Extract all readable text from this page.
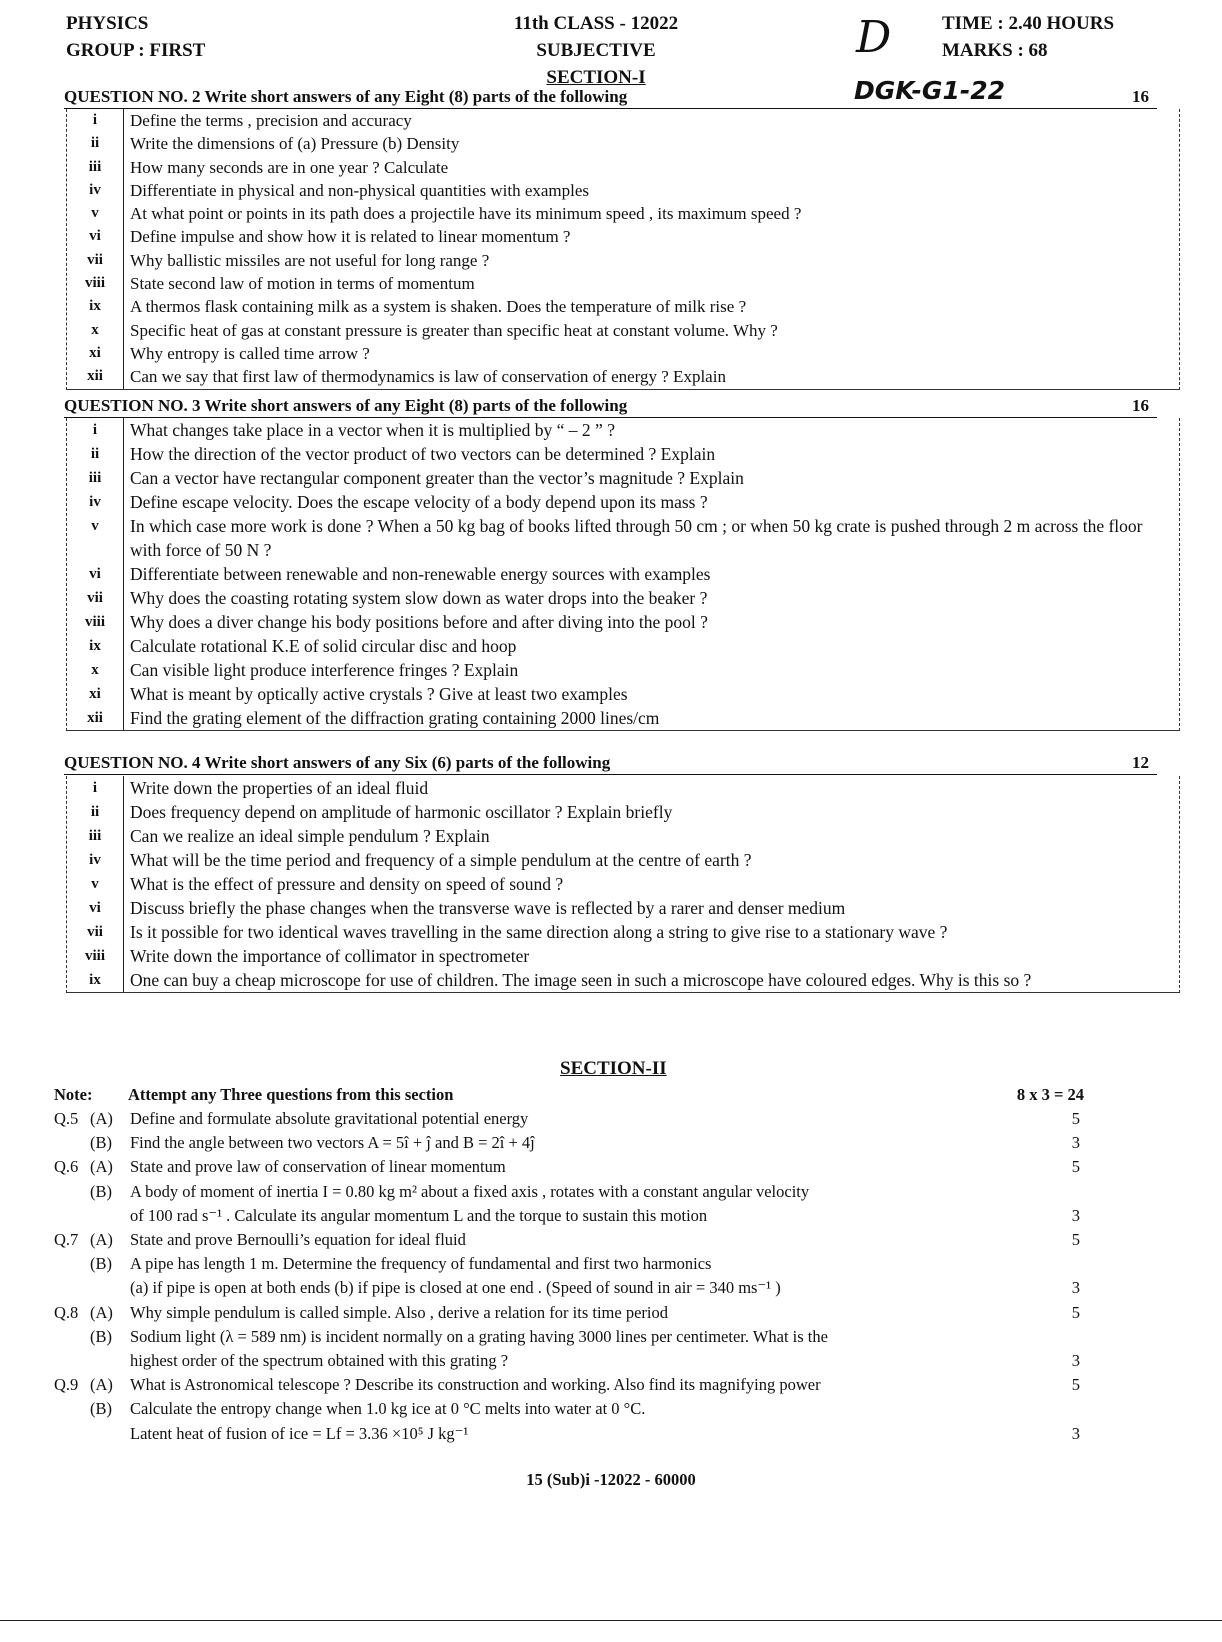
PHYSICS
GROUP : FIRST
11th CLASS - 12022
SUBJECTIVE
SECTION-I
D	TIME : 2.40 HOURS
MARKS : 68
QUESTION NO. 2 Write short answers of any Eight (8) parts of the following	DGK-G1-22	16
i	Define the terms , precision and accuracy
ii	Write the dimensions of (a) Pressure (b) Density
iii	How many seconds are in one year ? Calculate
iv	Differentiate in physical and non-physical quantities with examples
v	At what point or points in its path does a projectile have its minimum speed , its maximum speed ?
vi	Define impulse and show how it is related to linear momentum ?
vii	Why ballistic missiles are not useful for long range ?
viii	State second law of motion in terms of momentum
ix	A thermos flask containing milk as a system is shaken. Does the temperature of milk rise ?
x	Specific heat of gas at constant pressure is greater than specific heat at constant volume. Why ?
xi	Why entropy is called time arrow ?
xii	Can we say that first law of thermodynamics is law of conservation of energy ? Explain
QUESTION NO. 3 Write short answers of any Eight (8) parts of the following	16
i	What changes take place in a vector when it is multiplied by “ – 2 ” ?
ii	How the direction of the vector product of two vectors can be determined ? Explain
iii	Can a vector have rectangular component greater than the vector’s magnitude ? Explain
iv	Define escape velocity. Does the escape velocity of a body depend upon its mass ?
v	In which case more work is done ? When a 50 kg bag of books lifted through 50 cm ; or when 50 kg crate is pushed through 2 m across the floor with force of 50 N ?
vi	Differentiate between renewable and non-renewable energy sources with examples
vii	Why does the coasting rotating system slow down as water drops into the beaker ?
viii	Why does a diver change his body positions before and after diving into the pool ?
ix	Calculate rotational K.E of solid circular disc and hoop
x	Can visible light produce interference fringes ? Explain
xi	What is meant by optically active crystals ? Give at least two examples
xii	Find the grating element of the diffraction grating containing 2000 lines/cm
QUESTION NO. 4 Write short answers of any Six (6) parts of the following	12
i	Write down the properties of an ideal fluid
ii	Does frequency depend on amplitude of harmonic oscillator ? Explain briefly
iii	Can we realize an ideal simple pendulum ? Explain
iv	What will be the time period and frequency of a simple pendulum at the centre of earth ?
v	What is the effect of pressure and density on speed of sound ?
vi	Discuss briefly the phase changes when the transverse wave is reflected by a rarer and denser medium
vii	Is it possible for two identical waves travelling in the same direction along a string to give rise to a stationary wave ?
viii	Write down the importance of collimator in spectrometer
ix	One can buy a cheap microscope for use of children. The image seen in such a microscope have coloured edges. Why is this so ?
SECTION-II
Note: Attempt any Three questions from this section	8 x 3 = 24
Q.5 (A) Define and formulate absolute gravitational potential energy	5
(B) Find the angle between two vectors A = 5î + ĵ and B = 2î + 4ĵ	3
Q.6 (A) State and prove law of conservation of linear momentum	5
(B) A body of moment of inertia I = 0.80 kg m² about a fixed axis , rotates with a constant angular velocity
of 100 rad s⁻¹ . Calculate its angular momentum L and the torque to sustain this motion	3
Q.7 (A) State and prove Bernoulli’s equation for ideal fluid	5
(B) A pipe has length 1 m. Determine the frequency of fundamental and first two harmonics
(a) if pipe is open at both ends (b) if pipe is closed at one end . (Speed of sound in air = 340 ms⁻¹ )	3
Q.8 (A) Why simple pendulum is called simple. Also , derive a relation for its time period	5
(B) Sodium light (λ = 589 nm) is incident normally on a grating having 3000 lines per centimeter. What is the
highest order of the spectrum obtained with this grating ?	3
Q.9 (A) What is Astronomical telescope ? Describe its construction and working. Also find its magnifying power	5
(B) Calculate the entropy change when 1.0 kg ice at 0 °C melts into water at 0 °C.
Latent heat of fusion of ice = Lf = 3.36 ×10⁵ J kg⁻¹	3
15 (Sub)i -12022 - 60000
